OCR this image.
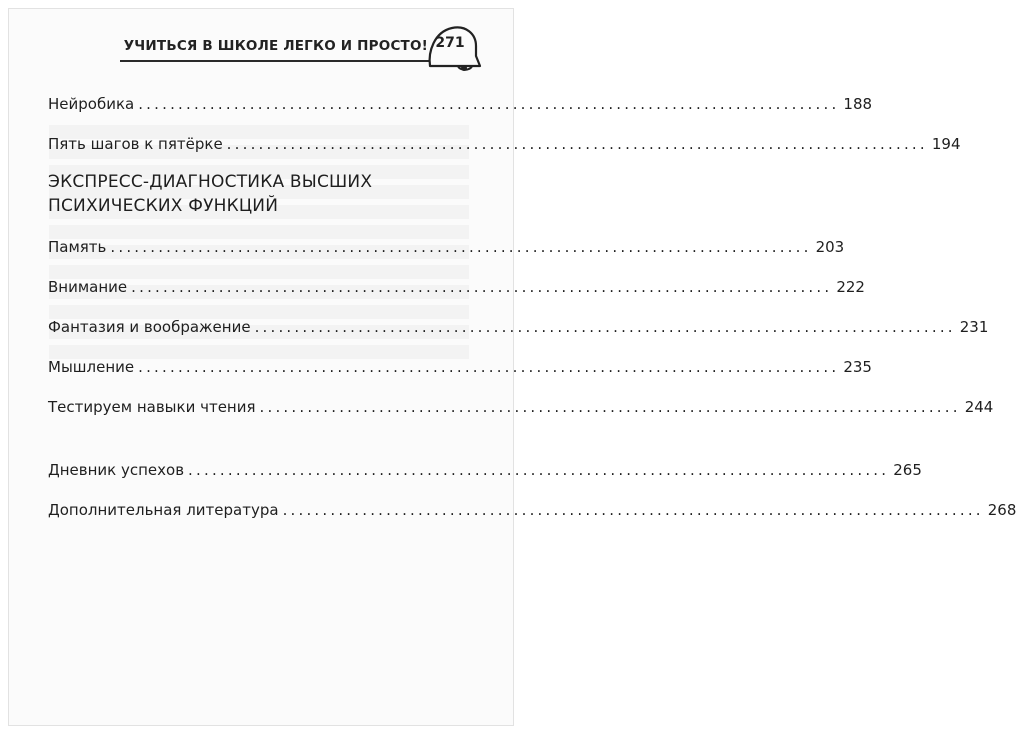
УЧИТЬСЯ В ШКОЛЕ ЛЕГКО И ПРОСТО! 271
Нейробика ........................................................................................ 188
Пять шагов к пятёрке ........................................................................................ 194
ЭКСПРЕСС-ДИАГНОСТИКА ВЫСШИХ
ПСИХИЧЕСКИХ ФУНКЦИЙ
Память ........................................................................................ 203
Внимание ........................................................................................ 222
Фантазия и воображение ........................................................................................ 231
Мышление ........................................................................................ 235
Тестируем навыки чтения ........................................................................................ 244
Дневник успехов ........................................................................................ 265
Дополнительная литература ........................................................................................ 268
